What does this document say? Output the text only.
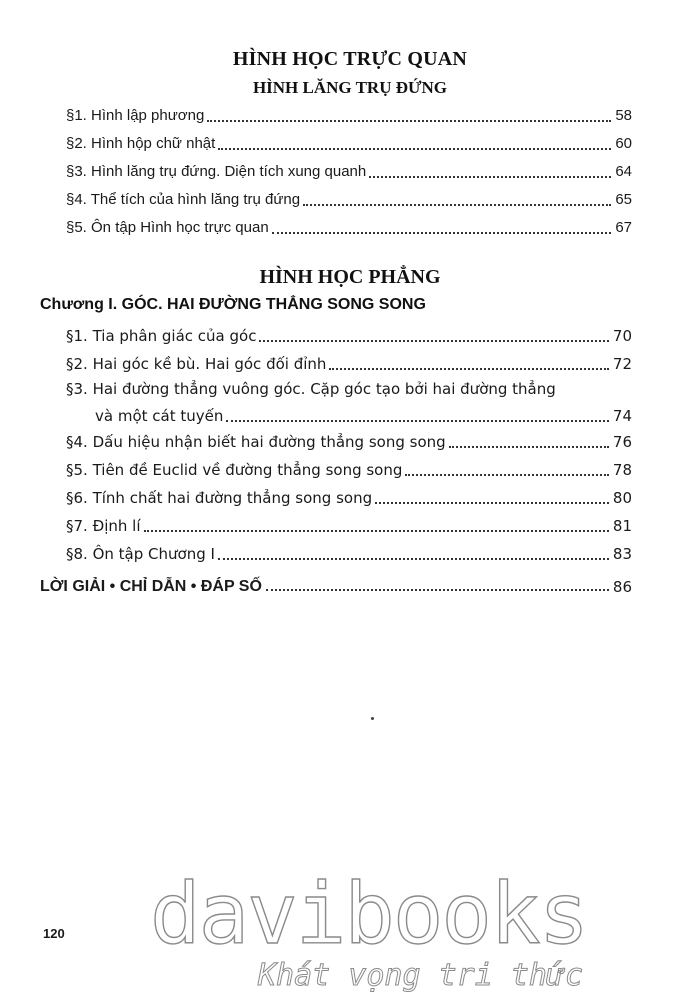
HÌNH HỌC TRỰC QUAN
HÌNH LĂNG TRỤ ĐỨNG
§1. Hình lập phương	58
§2. Hình hộp chữ nhật	60
§3. Hình lăng trụ đứng. Diện tích xung quanh	64
§4. Thể tích của hình lăng trụ đứng	65
§5. Ôn tập Hình học trực quan	67
HÌNH HỌC PHẲNG
Chương I. GÓC. HAI ĐƯỜNG THẲNG SONG SONG
§1. Tia phân giác của góc	70
§2. Hai góc kề bù. Hai góc đối đỉnh	72
§3. Hai đường thẳng vuông góc. Cặp góc tạo bởi hai đường thẳng
và một cát tuyến	74
§4. Dấu hiệu nhận biết hai đường thẳng song song	76
§5. Tiên đề Euclid về đường thẳng song song	78
§6. Tính chất hai đường thẳng song song	80
§7. Định lí	81
§8. Ôn tập Chương I	83
LỜI GIẢI • CHỈ DẪN • ĐÁP SỐ	86
120 davibooks
Khát vọng tri thức
